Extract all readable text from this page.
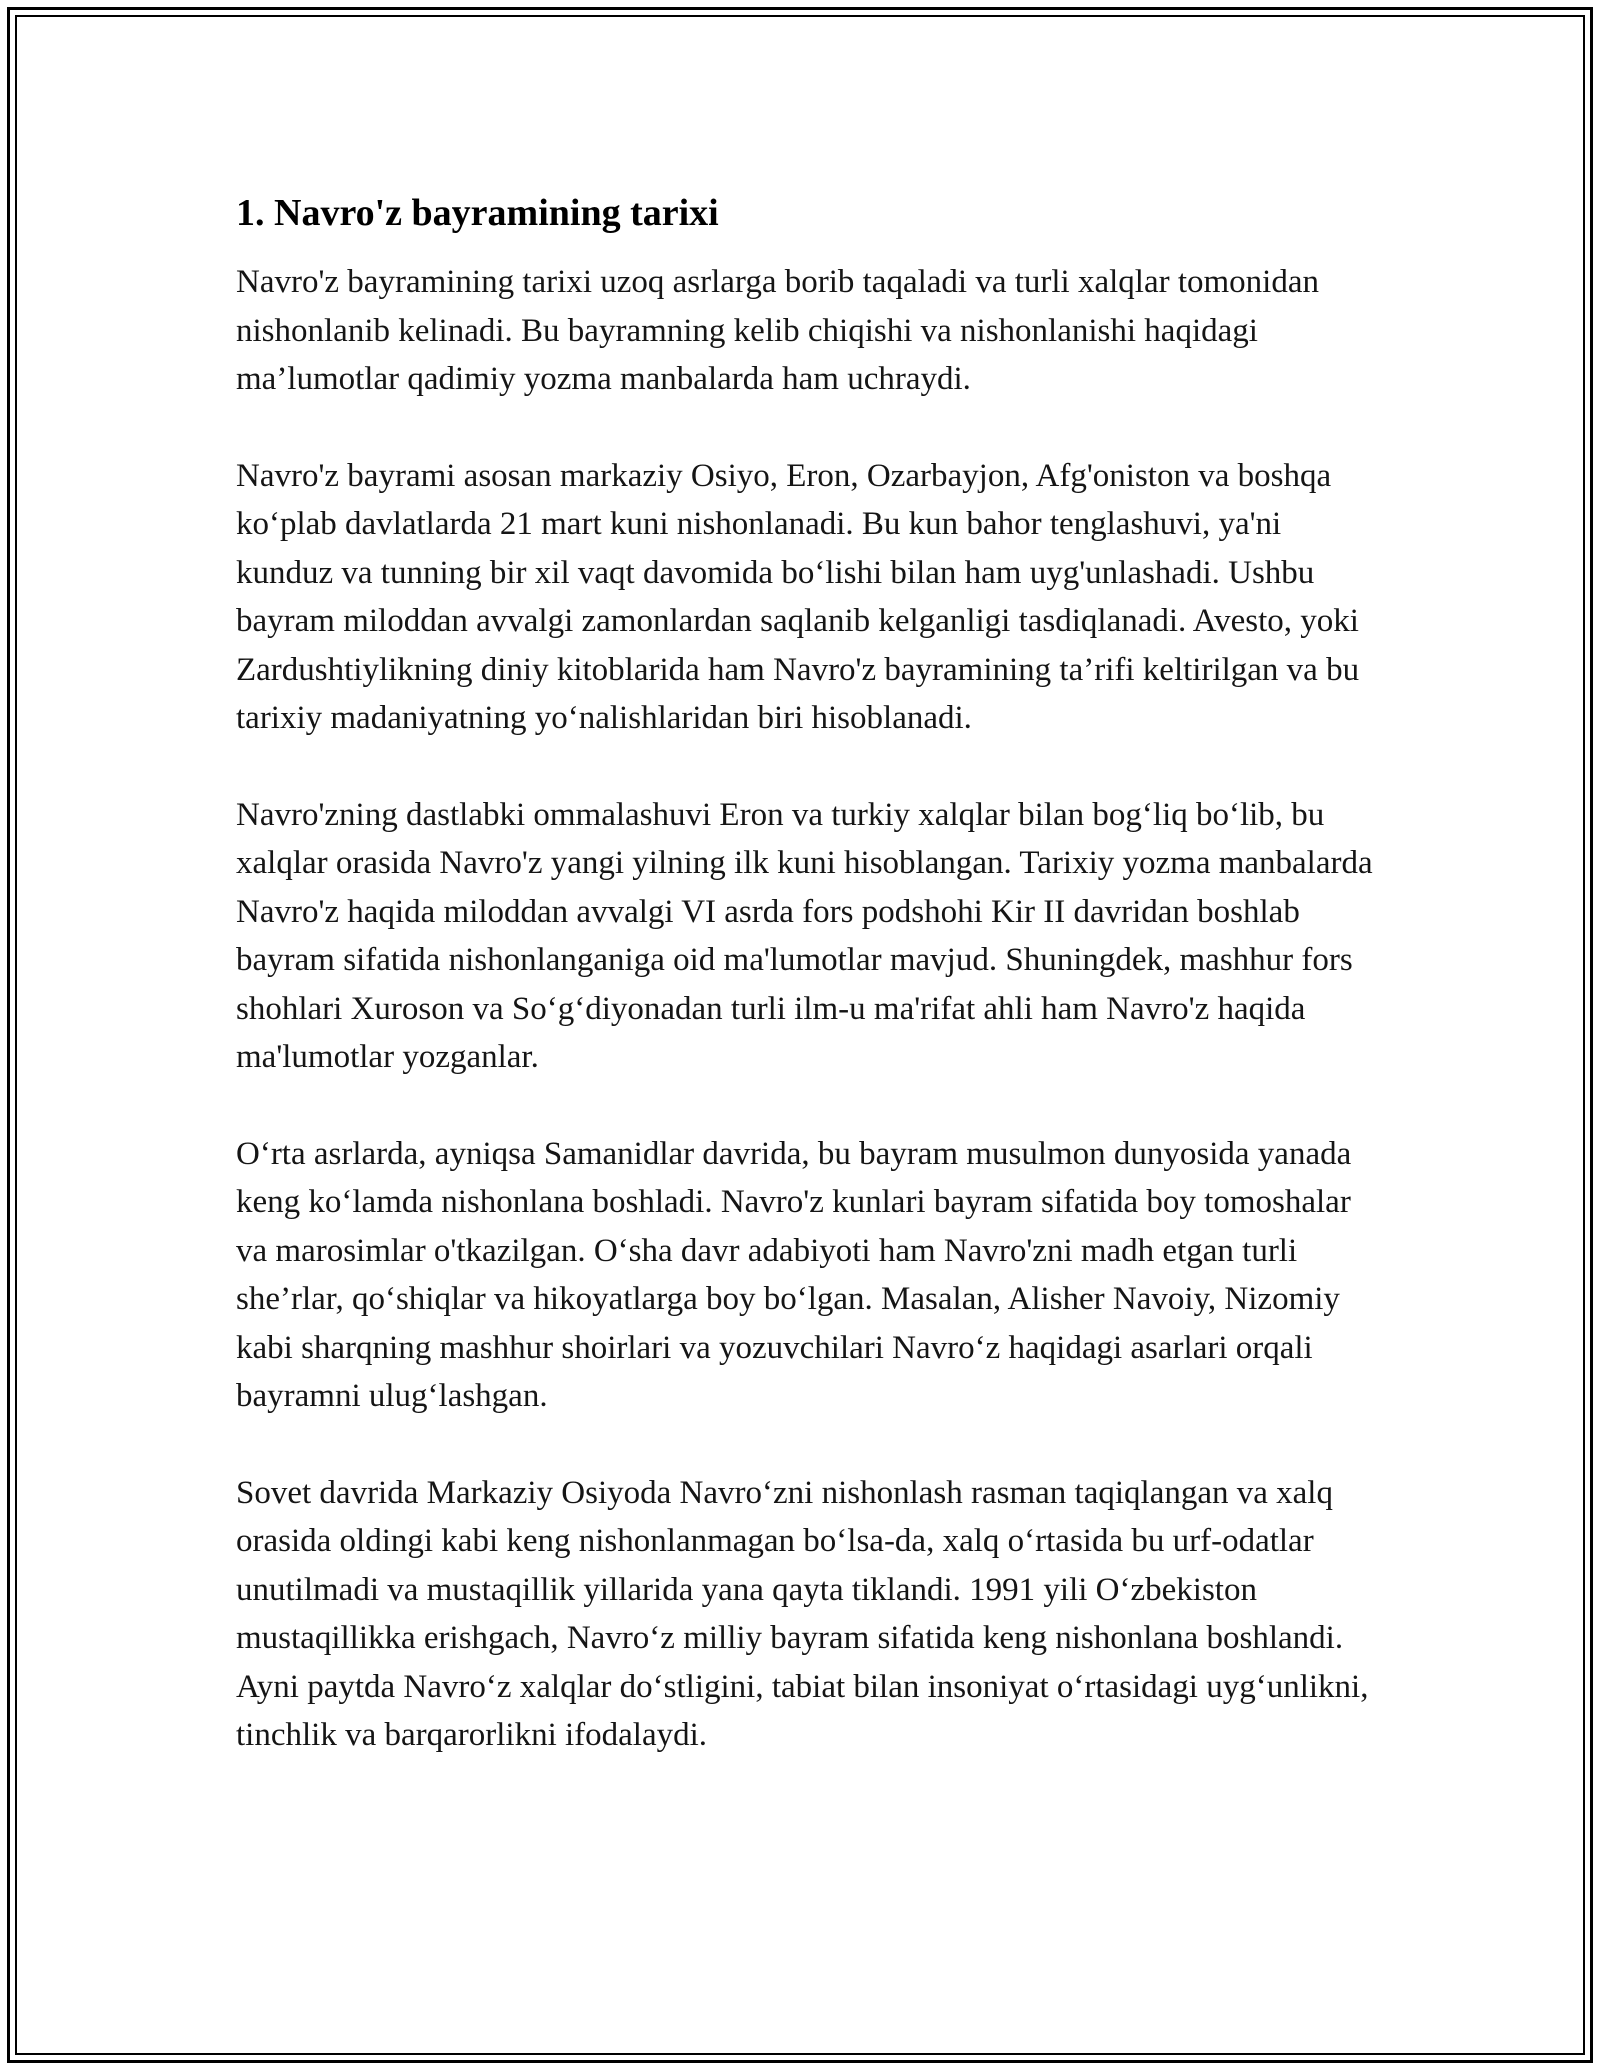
1. Navro'z bayramining tarixi

Navro'z bayramining tarixi uzoq asrlarga borib taqaladi va turli xalqlar tomonidan nishonlanib kelinadi. Bu bayramning kelib chiqishi va nishonlanishi haqidagi ma’lumotlar qadimiy yozma manbalarda ham uchraydi.

Navro'z bayrami asosan markaziy Osiyo, Eron, Ozarbayjon, Afg'oniston va boshqa ko‘plab davlatlarda 21 mart kuni nishonlanadi. Bu kun bahor tenglashuvi, ya'ni kunduz va tunning bir xil vaqt davomida bo‘lishi bilan ham uyg'unlashadi. Ushbu bayram miloddan avvalgi zamonlardan saqlanib kelganligi tasdiqlanadi. Avesto, yoki Zardushtiylikning diniy kitoblarida ham Navro'z bayramining ta’rifi keltirilgan va bu tarixiy madaniyatning yo‘nalishlaridan biri hisoblanadi.

Navro'zning dastlabki ommalashuvi Eron va turkiy xalqlar bilan bog‘liq bo‘lib, bu xalqlar orasida Navro'z yangi yilning ilk kuni hisoblangan. Tarixiy yozma manbalarda Navro'z haqida miloddan avvalgi VI asrda fors podshohi Kir II davridan boshlab bayram sifatida nishonlanganiga oid ma'lumotlar mavjud. Shuningdek, mashhur fors shohlari Xuroson va So‘g‘diyonadan turli ilm-u ma'rifat ahli ham Navro'z haqida ma'lumotlar yozganlar.

O‘rta asrlarda, ayniqsa Samanidlar davrida, bu bayram musulmon dunyosida yanada keng ko‘lamda nishonlana boshladi. Navro'z kunlari bayram sifatida boy tomoshalar va marosimlar o'tkazilgan. O‘sha davr adabiyoti ham Navro'zni madh etgan turli she’rlar, qo‘shiqlar va hikoyatlarga boy bo‘lgan. Masalan, Alisher Navoiy, Nizomiy kabi sharqning mashhur shoirlari va yozuvchilari Navro‘z haqidagi asarlari orqali bayramni ulug‘lashgan.

Sovet davrida Markaziy Osiyoda Navro‘zni nishonlash rasman taqiqlangan va xalq orasida oldingi kabi keng nishonlanmagan bo‘lsa-da, xalq o‘rtasida bu urf-odatlar unutilmadi va mustaqillik yillarida yana qayta tiklandi. 1991 yili O‘zbekiston mustaqillikka erishgach, Navro‘z milliy bayram sifatida keng nishonlana boshlandi. Ayni paytda Navro‘z xalqlar do‘stligini, tabiat bilan insoniyat o‘rtasidagi uyg‘unlikni, tinchlik va barqarorlikni ifodalaydi.
